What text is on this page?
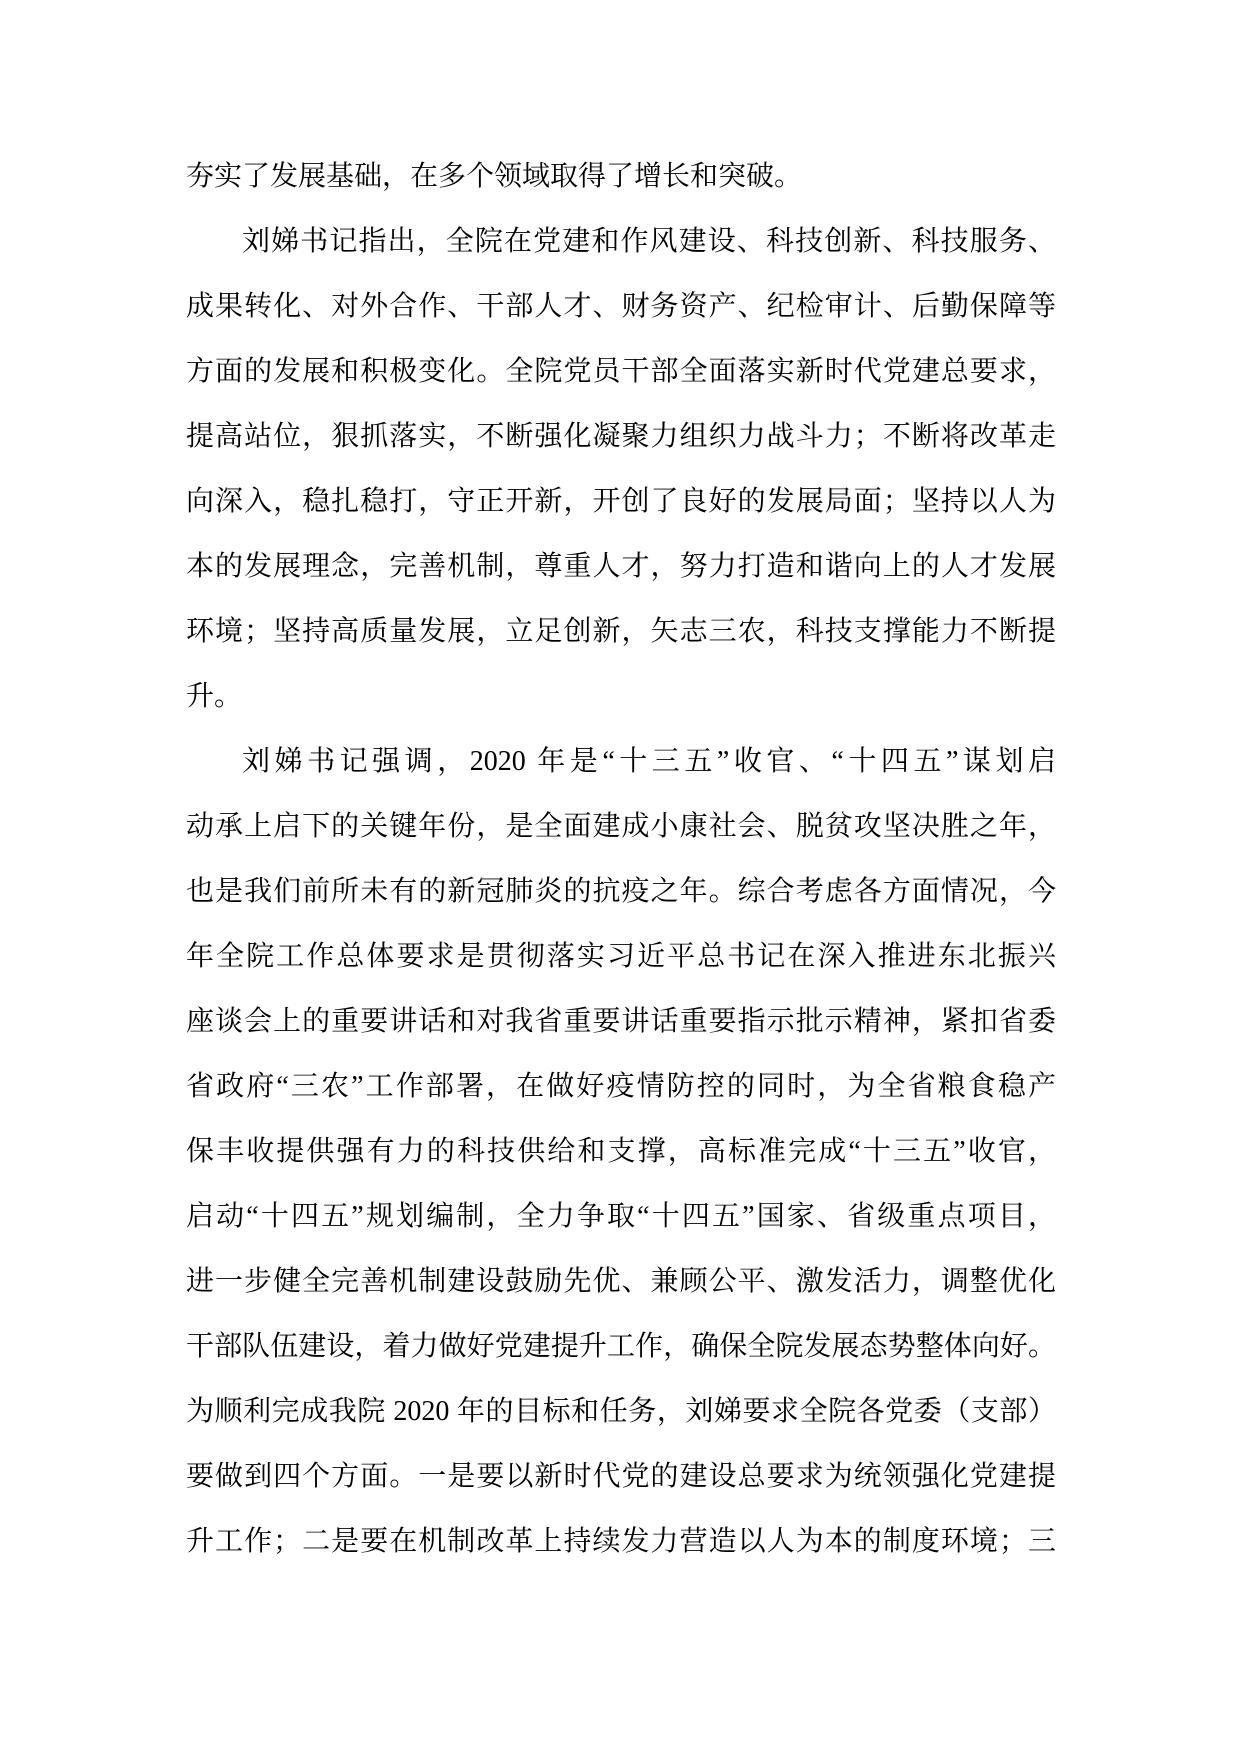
夯实了发展基础，在多个领域取得了增长和突破。
刘娣书记指出，全院在党建和作风建设、科技创新、科技服务、
成果转化、对外合作、干部人才、财务资产、纪检审计、后勤保障等
方面的发展和积极变化。全院党员干部全面落实新时代党建总要求，
提高站位，狠抓落实，不断强化凝聚力组织力战斗力；不断将改革走
向深入，稳扎稳打，守正开新，开创了良好的发展局面；坚持以人为
本的发展理念，完善机制，尊重人才，努力打造和谐向上的人才发展
环境；坚持高质量发展，立足创新，矢志三农，科技支撑能力不断提
升。
刘娣书记强调，2020 年是“十三五”收官、“十四五”谋划启
动承上启下的关键年份，是全面建成小康社会、脱贫攻坚决胜之年，
也是我们前所未有的新冠肺炎的抗疫之年。综合考虑各方面情况，今
年全院工作总体要求是贯彻落实习近平总书记在深入推进东北振兴
座谈会上的重要讲话和对我省重要讲话重要指示批示精神，紧扣省委
省政府“三农”工作部署，在做好疫情防控的同时，为全省粮食稳产
保丰收提供强有力的科技供给和支撑，高标准完成“十三五”收官，
启动“十四五”规划编制，全力争取“十四五”国家、省级重点项目，
进一步健全完善机制建设鼓励先优、兼顾公平、激发活力，调整优化
干部队伍建设，着力做好党建提升工作，确保全院发展态势整体向好。
为顺利完成我院 2020 年的目标和任务，刘娣要求全院各党委（支部）
要做到四个方面。一是要以新时代党的建设总要求为统领强化党建提
升工作；二是要在机制改革上持续发力营造以人为本的制度环境；三
